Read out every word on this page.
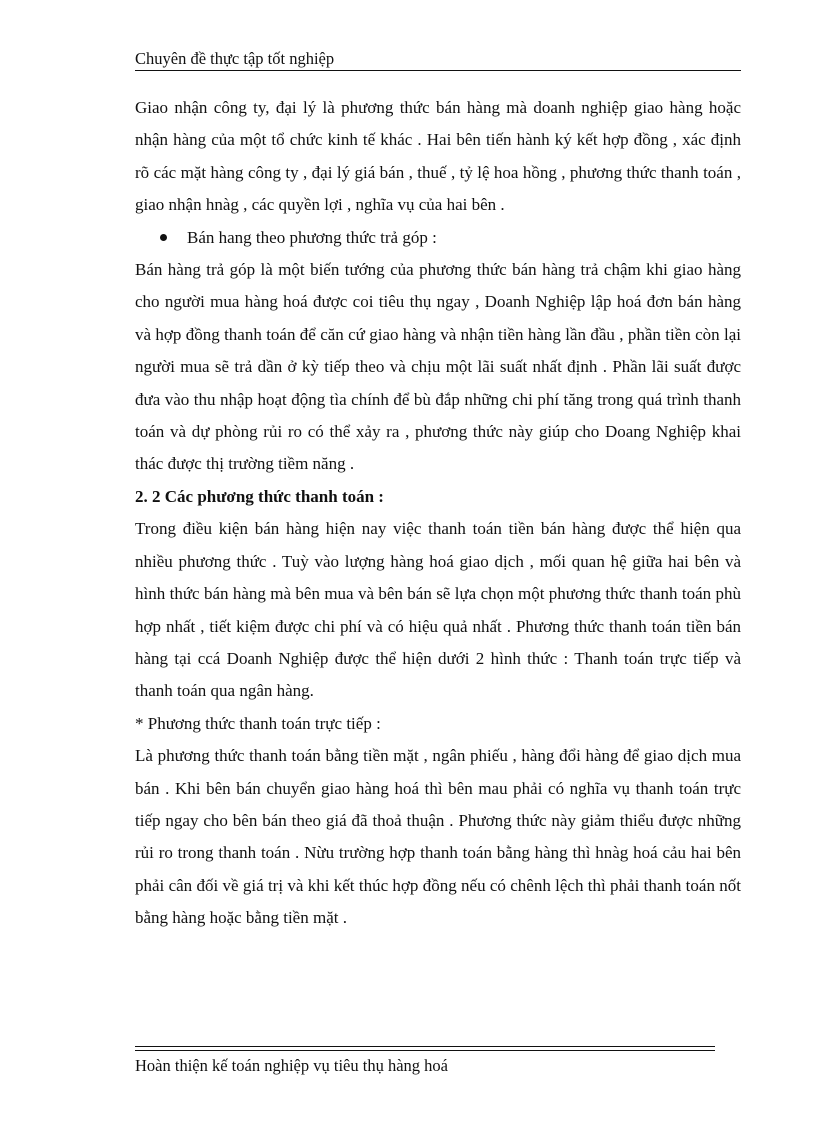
Chuyên đề thực tập tốt nghiệp

Giao nhận công ty, đại lý là phương thức bán hàng mà doanh nghiệp giao hàng hoặc nhận hàng của một tổ chức kinh tế khác . Hai bên tiến hành ký kết hợp đồng , xác định rõ các mặt hàng công ty , đại lý giá bán , thuế , tỷ lệ hoa hồng , phương thức thanh toán , giao nhận hnàg , các quyền lợi , nghĩa vụ của hai bên .

Bán hang theo phương thức trả góp :

Bán hàng trả góp là một biến tướng của phương thức bán hàng trả chậm khi giao hàng cho người mua hàng hoá được coi tiêu thụ ngay , Doanh Nghiệp lập hoá đơn bán hàng và hợp đồng thanh toán để căn cứ giao hàng và nhận tiền hàng lần đầu , phần tiền còn lại người mua sẽ trả dần ở kỳ tiếp theo và chịu một lãi suất nhất định . Phần lãi suất được đưa vào thu nhập hoạt động tìa chính để bù đắp những chi phí tăng trong quá trình thanh toán và dự phòng rủi ro có thể xảy ra , phương thức này giúp cho Doang Nghiệp khai thác được thị trường tiềm năng .

2. 2 Các phương thức thanh toán :

Trong điều kiện bán hàng hiện nay việc thanh toán tiền bán hàng được thể hiện qua nhiều phương thức . Tuỳ vào lượng hàng hoá giao dịch , mối quan hệ giữa hai bên và hình thức bán hàng mà bên mua và bên bán sẽ lựa chọn một phương thức thanh toán phù hợp nhất , tiết kiệm được chi phí và có hiệu quả nhất . Phương thức thanh toán tiền bán hàng tại ccá Doanh Nghiệp được thể hiện dưới 2 hình thức : Thanh toán trực tiếp và thanh toán qua ngân hàng.

* Phương thức thanh toán trực tiếp :

Là phương thức thanh toán bằng tiền mặt , ngân phiếu , hàng đổi hàng để giao dịch mua bán . Khi bên bán chuyển giao hàng hoá thì bên mau phải có nghĩa vụ thanh toán trực tiếp ngay cho bên bán theo giá đã thoả thuận . Phương thức này giảm thiểu được những rủi ro trong thanh toán . Nừu trường hợp thanh toán bằng hàng thì hnàg hoá cảu hai bên phải cân đối về giá trị và khi kết thúc hợp đồng nếu có chênh lệch thì phải thanh toán nốt bằng hàng hoặc bằng tiền mặt .

Hoàn thiện kế toán nghiệp vụ tiêu thụ hàng hoá
